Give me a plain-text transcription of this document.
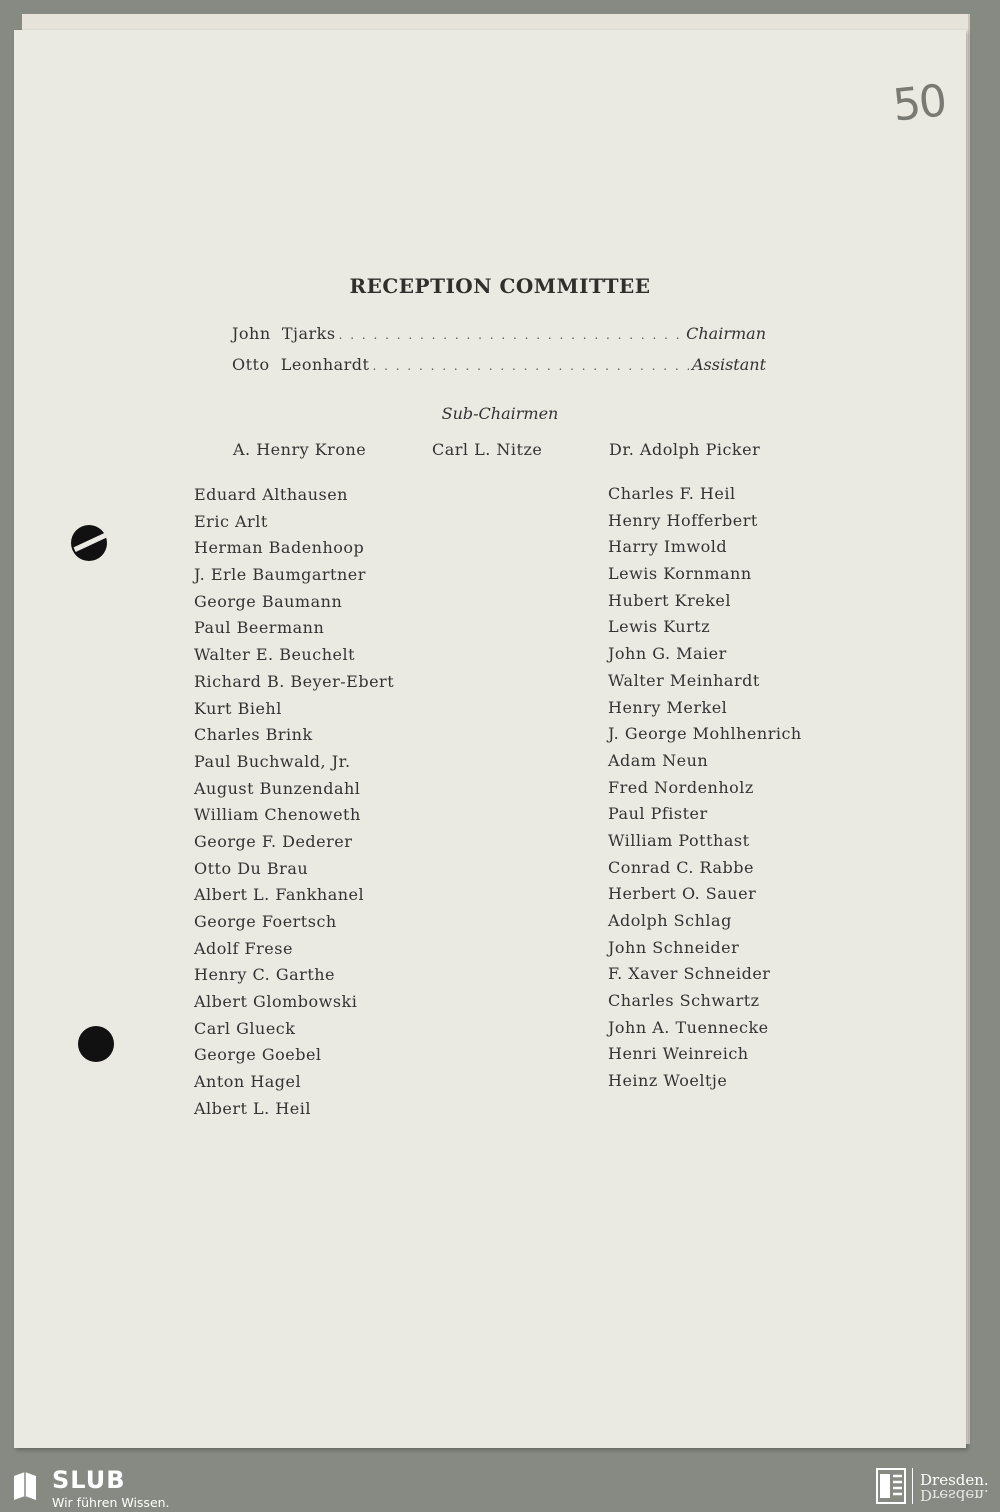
50
RECEPTION COMMITTEE
John  Tjarks . . .	Chairman
Otto  Leonhardt . . .	Assistant
Sub-Chairmen
A. Henry Krone	Carl L. Nitze	Dr. Adolph Picker
Eduard Althausen
Eric Arlt
Herman Badenhoop
J. Erle Baumgartner
George Baumann
Paul Beermann
Walter E. Beuchelt
Richard B. Beyer-Ebert
Kurt Biehl
Charles Brink
Paul Buchwald, Jr.
August Bunzendahl
William Chenoweth
George F. Dederer
Otto Du Brau
Albert L. Fankhanel
George Foertsch
Adolf Frese
Henry C. Garthe
Albert Glombowski
Carl Glueck
George Goebel
Anton Hagel
Albert L. Heil
Charles F. Heil
Henry Hofferbert
Harry Imwold
Lewis Kornmann
Hubert Krekel
Lewis Kurtz
John G. Maier
Walter Meinhardt
Henry Merkel
J. George Mohlhenrich
Adam Neun
Fred Nordenholz
Paul Pfister
William Potthast
Conrad C. Rabbe
Herbert O. Sauer
Adolph Schlag
John Schneider
F. Xaver Schneider
Charles Schwartz
John A. Tuennecke
Henri Weinreich
Heinz Woeltje
SLUB
Wir führen Wissen.
Dresden.
Dresden.
